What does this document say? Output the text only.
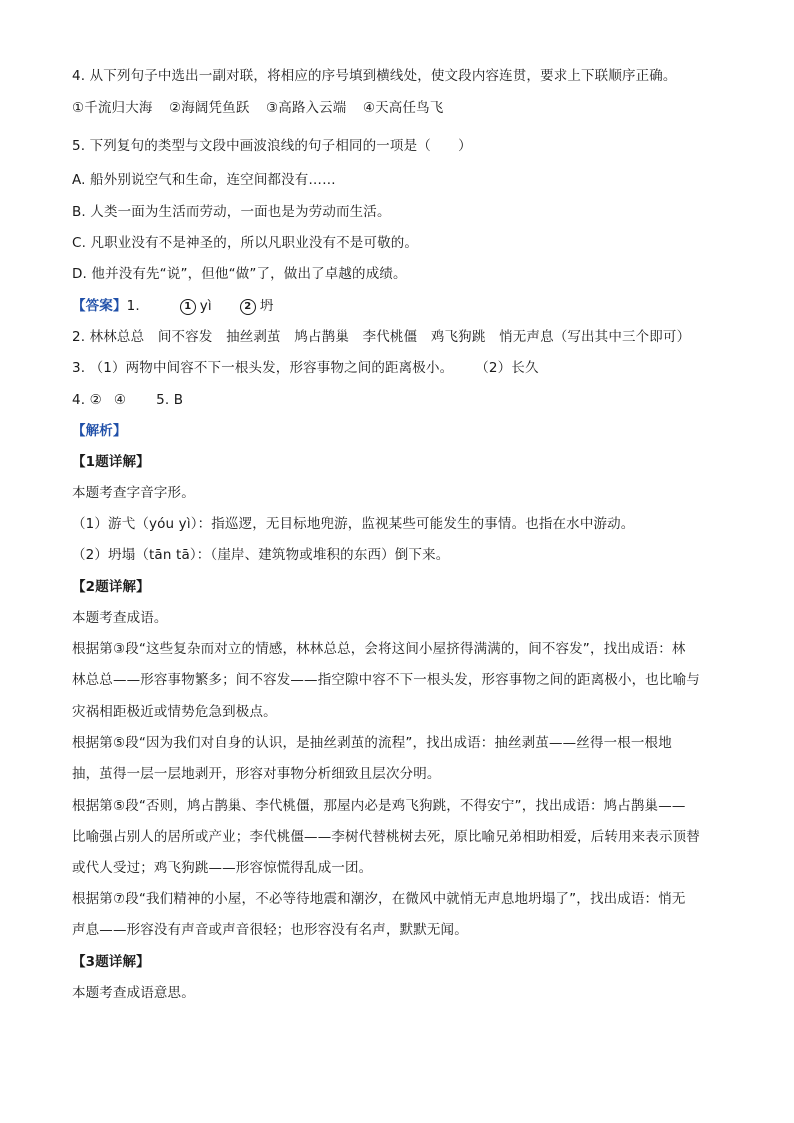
4. 从下列句子中选出一副对联，将相应的序号填到横线处，使文段内容连贯，要求上下联顺序正确。
①千流归大海 ②海阔凭鱼跃 ③高路入云端 ④天高任鸟飞
5. 下列复句的类型与文段中画波浪线的句子相同的一项是（　　）
A. 船外别说空气和生命，连空间都没有……
B. 人类一面为生活而劳动，一面也是为劳动而生活。
C. 凡职业没有不是神圣的，所以凡职业没有不是可敬的。
D. 他并没有先“说”，但他“做”了，做出了卓越的成绩。
【答案】1.	1 yì	2 坍
2. 林林总总　间不容发　抽丝剥茧　鸠占鹊巢　李代桃僵　鸡飞狗跳　悄无声息（写出其中三个即可）
3. （1）两物中间容不下一根头发，形容事物之间的距离极小。 （2）长久
4. ② ④ 5. B
【解析】
【1题详解】
本题考查字音字形。
（1）游弋（yóu yì）：指巡逻，无目标地兜游，监视某些可能发生的事情。也指在水中游动。
（2）坍塌（tān tā）：（崖岸、建筑物或堆积的东西）倒下来。
【2题详解】
本题考查成语。
根据第③段“这些复杂而对立的情感，林林总总，会将这间小屋挤得满满的，间不容发”，找出成语：林
林总总——形容事物繁多；间不容发——指空隙中容不下一根头发，形容事物之间的距离极小，也比喻与
灾祸相距极近或情势危急到极点。
根据第⑤段“因为我们对自身的认识，是抽丝剥茧的流程”，找出成语：抽丝剥茧——丝得一根一根地
抽，茧得一层一层地剥开，形容对事物分析细致且层次分明。
根据第⑤段“否则，鸠占鹊巢、李代桃僵，那屋内必是鸡飞狗跳，不得安宁”，找出成语：鸠占鹊巢——
比喻强占别人的居所或产业；李代桃僵——李树代替桃树去死，原比喻兄弟相助相爱，后转用来表示顶替
或代人受过；鸡飞狗跳——形容惊慌得乱成一团。
根据第⑦段“我们精神的小屋，不必等待地震和潮汐，在微风中就悄无声息地坍塌了”，找出成语：悄无
声息——形容没有声音或声音很轻；也形容没有名声，默默无闻。
【3题详解】
本题考查成语意思。
